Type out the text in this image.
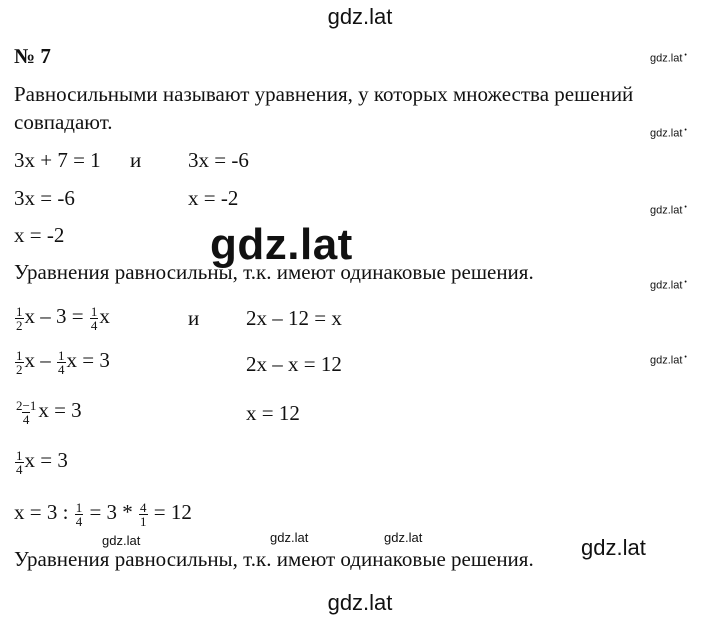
gdz.lat
gdz.lat
gdz.lat
gdz.lat •
gdz.lat •
gdz.lat •
gdz.lat •
gdz.lat •
gdz.lat	gdz.lat	gdz.lat	gdz.lat
№ 7
Равносильными называют уравнения, у которых множества решений
совпадают.
3x + 7 = 1 и 3x = -6
3x = -6	x = -2
x = -2
Уравнения равносильны, т.к. имеют одинаковые решения.
$\frac{1}{2}$ $x - 3 = \frac{1}{4}$ x	и 2x – 12 = x
$\frac{1}{2}$ x – $\frac{1}{4}$ x = 3	2x – x = 12
$\frac{2-1}{4}$ x = 3	x = 12
$\frac{1}{4}$ x = 3
x = 3 : $\frac{1}{4} = 3 * \frac{4}{1} = 12$
Уравнения равносильны, т.к. имеют одинаковые решения.
